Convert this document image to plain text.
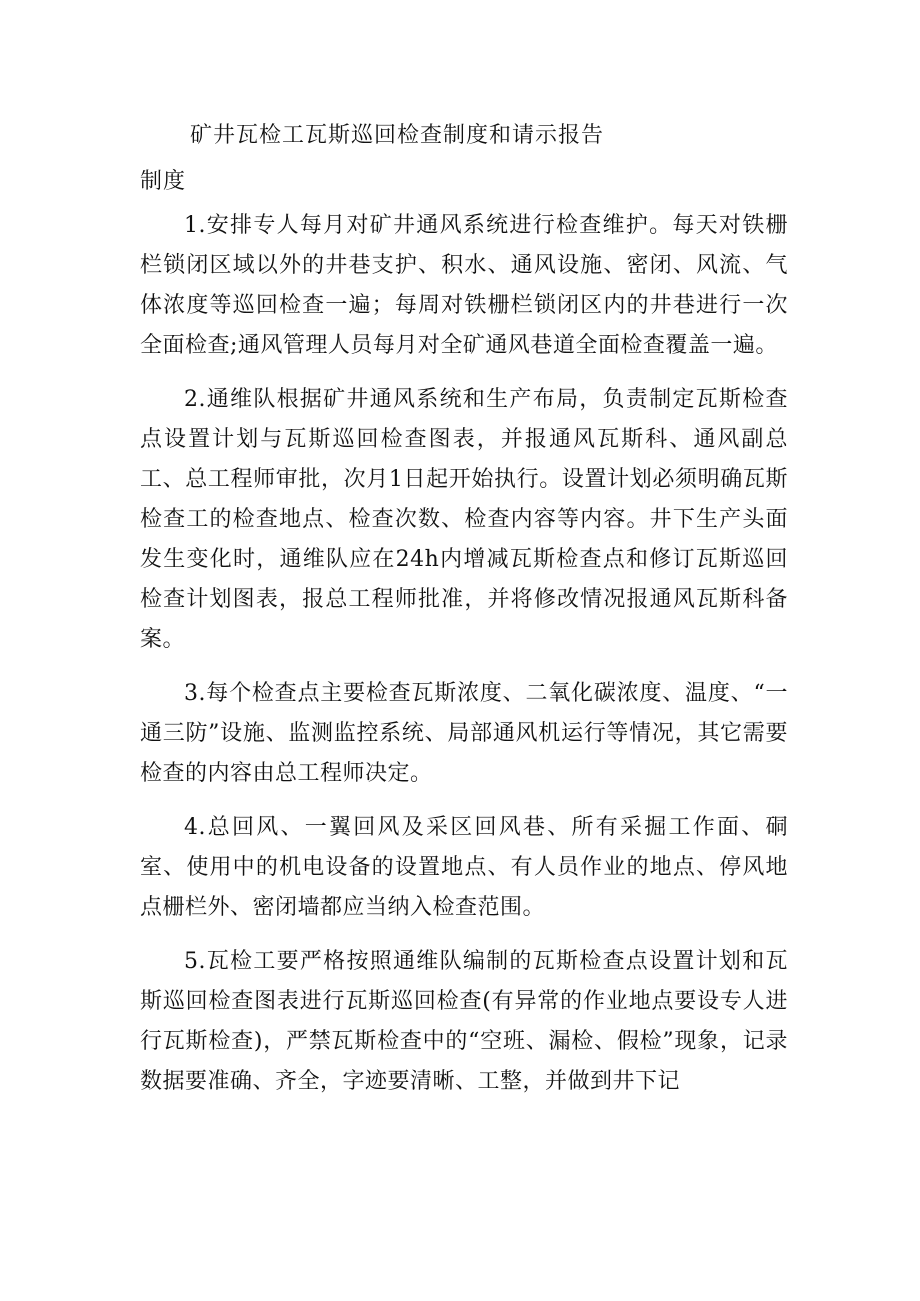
矿井瓦检工瓦斯巡回检查制度和请示报告
制度

1.安排专人每月对矿井通风系统进行检查维护。每天对铁栅栏锁闭区域以外的井巷支护、积水、通风设施、密闭、风流、气体浓度等巡回检查一遍；每周对铁栅栏锁闭区内的井巷进行一次全面检查;通风管理人员每月对全矿通风巷道全面检查覆盖一遍。

2.通维队根据矿井通风系统和生产布局，负责制定瓦斯检查点设置计划与瓦斯巡回检查图表，并报通风瓦斯科、通风副总工、总工程师审批，次月1日起开始执行。设置计划必须明确瓦斯检查工的检查地点、检查次数、检查内容等内容。井下生产头面发生变化时，通维队应在24h内增减瓦斯检查点和修订瓦斯巡回检查计划图表，报总工程师批准，并将修改情况报通风瓦斯科备案。

3.每个检查点主要检查瓦斯浓度、二氧化碳浓度、温度、“一通三防”设施、监测监控系统、局部通风机运行等情况，其它需要检查的内容由总工程师决定。

4.总回风、一翼回风及采区回风巷、所有采掘工作面、硐室、使用中的机电设备的设置地点、有人员作业的地点、停风地点栅栏外、密闭墙都应当纳入检查范围。

5.瓦检工要严格按照通维队编制的瓦斯检查点设置计划和瓦斯巡回检查图表进行瓦斯巡回检查(有异常的作业地点要设专人进行瓦斯检查)，严禁瓦斯检查中的“空班、漏检、假检”现象，记录数据要准确、齐全，字迹要清晰、工整，并做到井下记
